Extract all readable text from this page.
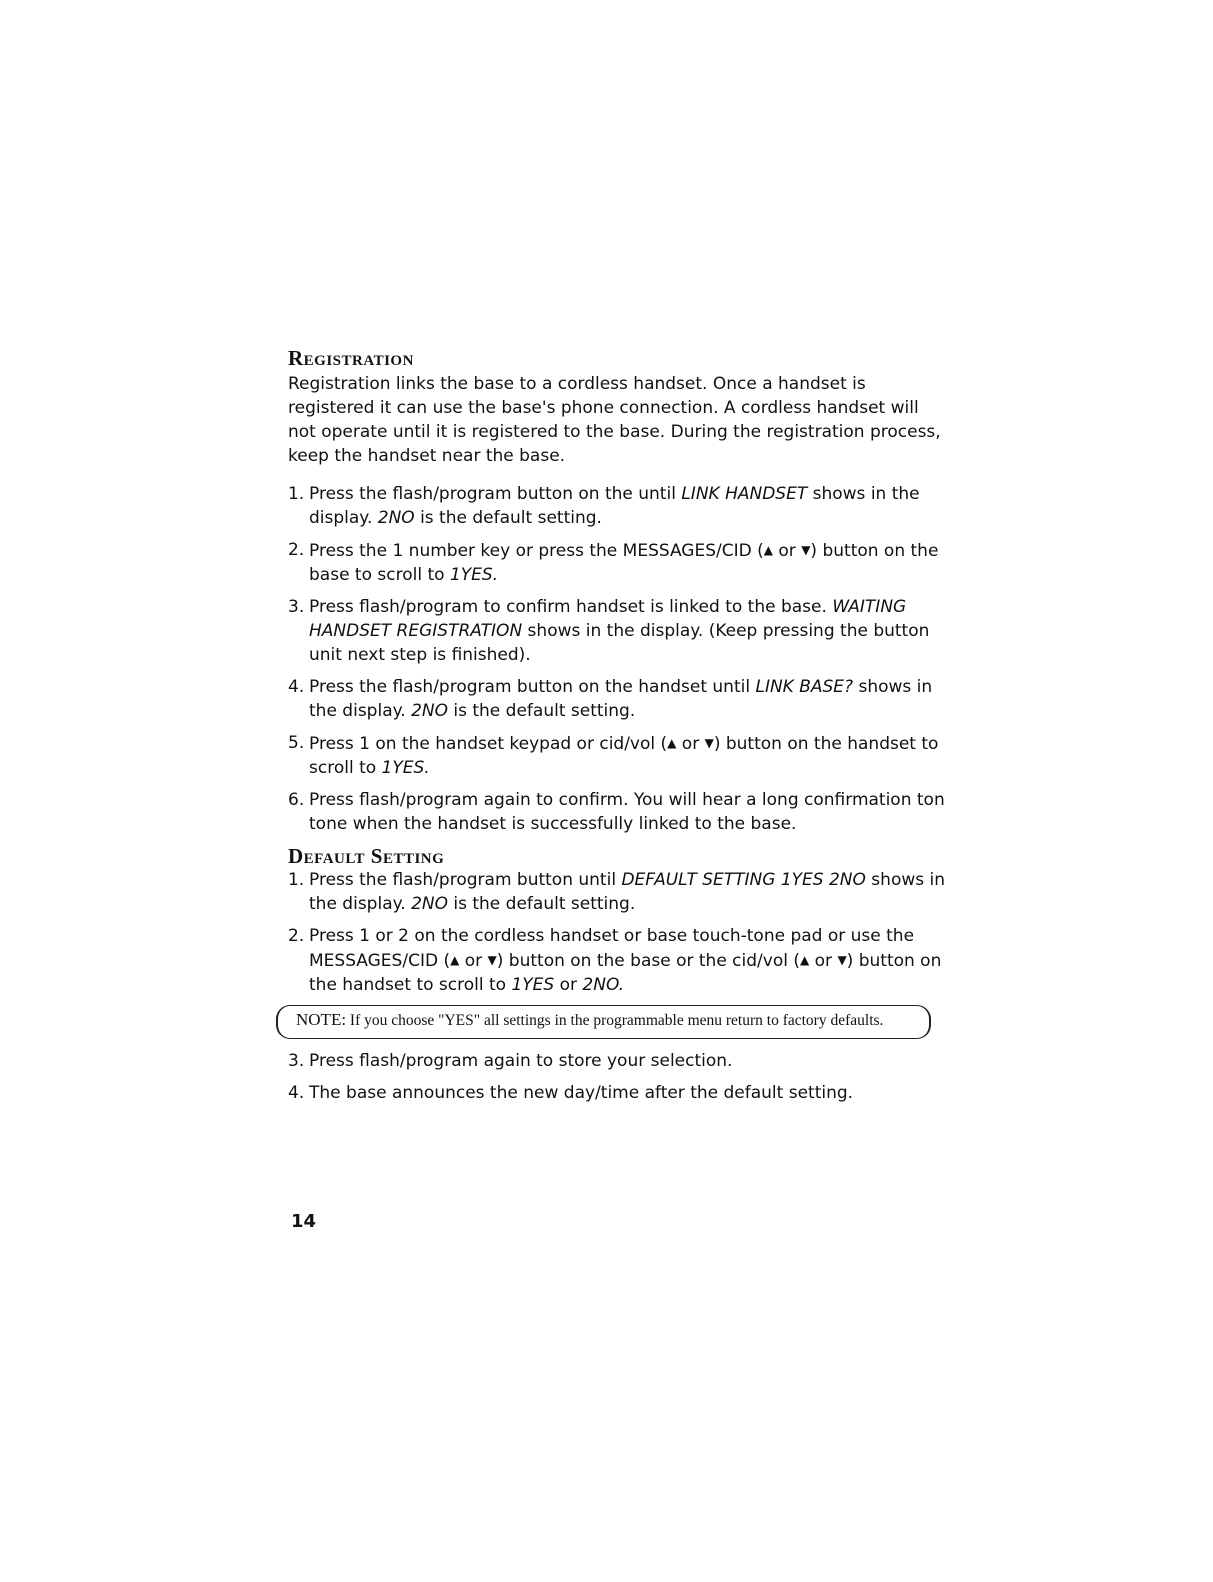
Registration

Registration links the base to a cordless handset. Once a handset is registered it can use the base's phone connection. A cordless handset will not operate until it is registered to the base. During the registration process, keep the handset near the base.

1. Press the flash/program button on the until LINK HANDSET shows in the display. 2NO is the default setting.
2. Press the 1 number key or press the MESSAGES/CID (▲ or ▼) button on the base to scroll to 1YES.
3. Press flash/program to confirm handset is linked to the base. WAITING HANDSET REGISTRATION shows in the display. (Keep pressing the button unit next step is finished).
4. Press the flash/program button on the handset until LINK BASE? shows in the display. 2NO is the default setting.
5. Press 1 on the handset keypad or cid/vol (▲ or ▼) button on the handset to scroll to 1YES.
6. Press flash/program again to confirm. You will hear a long confirmation ton tone when the handset is successfully linked to the base.
Default Setting
1. Press the flash/program button until DEFAULT SETTING 1YES 2NO shows in the display. 2NO is the default setting.
2. Press 1 or 2 on the cordless handset or base touch-tone pad or use the MESSAGES/CID (▲ or ▼) button on the base or the cid/vol (▲ or ▼) button on the handset to scroll to 1YES or 2NO.
NOTE: If you choose "YES" all settings in the programmable menu return to factory defaults.
3. Press flash/program again to store your selection.
4. The base announces the new day/time after the default setting.
14
